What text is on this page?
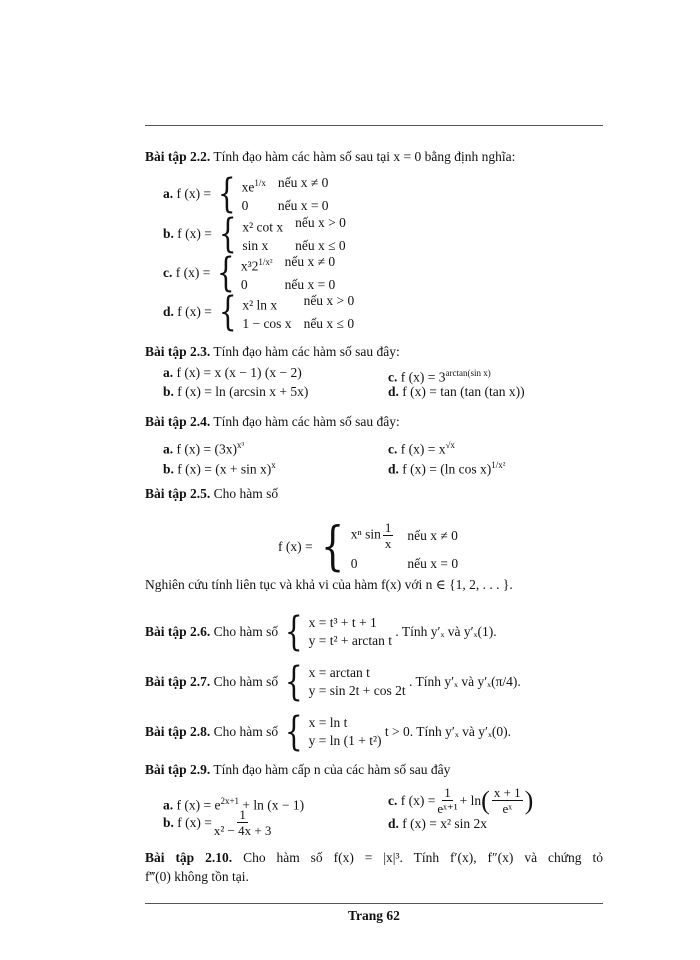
Bài tập 2.2. Tính đạo hàm các hàm số sau tại x = 0 bằng định nghĩa:
a.
f (x) = { $xe^{1/x}$ nếu x ≠ 0
0	nếu x = 0
b.
f (x) = { x² cot x nếu x > 0
sin x	nếu x ≤ 0
c.
f (x) = { $x^32^{1/x^2}$ nếu x ≠ 0
0	nếu x = 0
d.
f (x) = { x² ln x	nếu x > 0
1 − cos x nếu x ≤ 0
Bài tập 2.3. Tính đạo hàm các hàm số sau đây:
a. f (x) = x (x − 1) (x − 2)
b. f (x) = ln (arcsin x + 5x)
c. f $(x) = 3^{arctan(sin x)}$
d. f (x) = tan (tan (tan x))
Bài tập 2.4. Tính đạo hàm các hàm số sau đây:
a. f $(x) = (3x)^{x^3}$
b. f $(x) = (x + \sin x)^x$
c. f $(x) = x^{√x}$
d. f (x) = (ln cos x)$^{1/x^2}$
Bài tập 2.5. Cho hàm số
f (x) = { xⁿ $\sin \frac{1}{x}$ nếu x ≠ 0
0	nếu x = 0
Nghiên cứu tính liên tục và khả vi của hàm f(x) với n ∈ {1, 2, . . . }.
Bài tập 2.6.
Cho hàm số { x = t³ + t + 1
y = t² + arctan t

. Tính y′ₓ và y′ₓ(1).
Bài tập 2.7.
Cho hàm số { x = arctan t
y = sin 2t + cos 2t

. Tính y′ₓ và y′ₓ(π/4).
Bài tập 2.8.
Cho hàm số { x = ln t
y = ln (1 + t²)

t > 0. Tính y′ₓ và y′ₓ(0).
Bài tập 2.9. Tính đạo hàm cấp n của các hàm số sau đây
a. f $(x) = e^{2x+1} + \ln (x - 1)$
b.
f $(x) = \frac{1}{\text{x² − 4x + 3}}$
c.
f $(x) = \frac{1}{\text{eˣ⁺¹}} + \ln$ ( $\frac{x + 1}{\text{eˣ}}$ )
d. f (x) = x² sin 2x
Bài tập 2.10. Cho hàm số f(x) = |x|³. Tính f′(x), f″(x) và chứng tỏ
f‴(0) không tồn tại.
Trang 62
